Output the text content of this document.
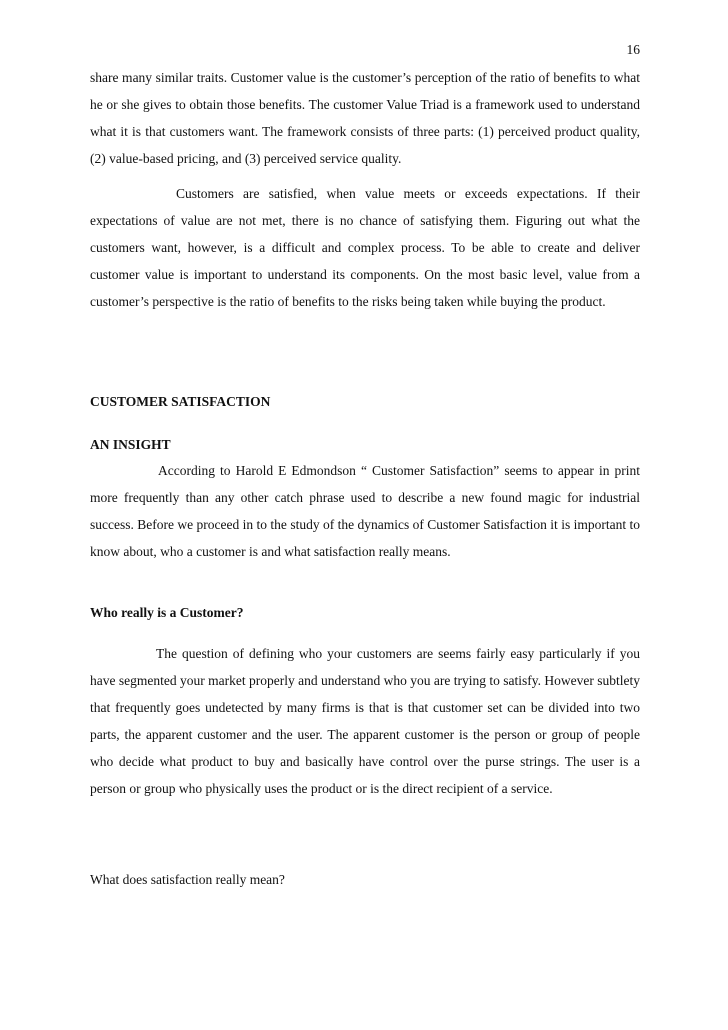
16

share many similar traits. Customer value is the customer’s perception of the ratio of benefits to what he or she gives to obtain those benefits. The customer Value Triad is a framework used to understand what it is that customers want. The framework consists of three parts: (1) perceived product quality, (2) value-based pricing, and (3) perceived service quality.

Customers are satisfied, when value meets or exceeds expectations. If their expectations of value are not met, there is no chance of satisfying them. Figuring out what the customers want, however, is a difficult and complex process. To be able to create and deliver customer value is important to understand its components. On the most basic level, value from a customer’s perspective is the ratio of benefits to the risks being taken while buying the product.

CUSTOMER SATISFACTION
AN INSIGHT

According to Harold E Edmondson “ Customer Satisfaction” seems to appear in print more frequently than any other catch phrase used to describe a new found magic for industrial success. Before we proceed in to the study of the dynamics of Customer Satisfaction it is important to know about, who a customer is and what satisfaction really means.

Who really is a Customer?

The question of defining who your customers are seems fairly easy particularly if you have segmented your market properly and understand who you are trying to satisfy. However subtlety that frequently goes undetected by many firms is that is that customer set can be divided into two parts, the apparent customer and the user. The apparent customer is the person or group of people who decide what product to buy and basically have control over the purse strings. The user is a person or group who physically uses the product or is the direct recipient of a service.

What does satisfaction really mean?
